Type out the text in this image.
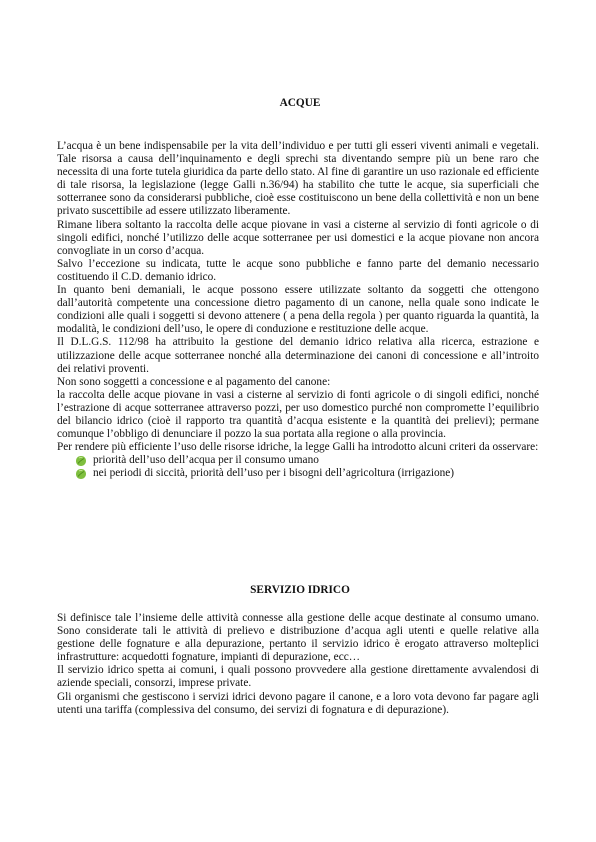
ACQUE

L’acqua è un bene indispensabile per la vita dell’individuo e per tutti gli esseri viventi animali e vegetali. Tale risorsa a causa dell’inquinamento e degli sprechi sta diventando sempre più un bene raro che necessita di una forte tutela giuridica da parte dello stato. Al fine di garantire un uso razionale ed efficiente di tale risorsa, la legislazione (legge Galli n.36/94) ha stabilito che tutte le acque, sia superficiali che sotterranee sono da considerarsi pubbliche, cioè esse costituiscono un bene della collettività e non un bene privato suscettibile ad essere utilizzato liberamente.

Rimane libera soltanto la raccolta delle acque piovane in vasi a cisterne al servizio di fonti agricole o di singoli edifici, nonché l’utilizzo delle acque sotterranee per usi domestici e la acque piovane non ancora convogliate in un corso d’acqua.

Salvo l’eccezione su indicata, tutte le acque sono pubbliche e fanno parte del demanio necessario costituendo il C.D. demanio idrico.

In quanto beni demaniali, le acque possono essere utilizzate soltanto da soggetti che ottengono dall’autorità competente una concessione dietro pagamento di un canone, nella quale sono indicate le condizioni alle quali i soggetti si devono attenere ( a pena della regola ) per quanto riguarda la quantità, la modalità, le condizioni dell’uso, le opere di conduzione e restituzione delle acque.

Il D.L.G.S. 112/98 ha attribuito la gestione del demanio idrico relativa alla ricerca, estrazione e utilizzazione delle acque sotterranee nonché alla determinazione dei canoni di concessione e all’introito dei relativi proventi.

Non sono soggetti a concessione e al pagamento del canone:

la raccolta delle acque piovane in vasi a cisterne al servizio di fonti agricole o di singoli edifici, nonché l’estrazione di acque sotterranee attraverso pozzi, per uso domestico purché non compromette l’equilibrio del bilancio idrico (cioè il rapporto tra quantità d’acqua esistente e la quantità dei prelievi); permane comunque l’obbligo di denunciare il pozzo la sua portata alla regione o alla provincia.

Per rendere più efficiente l’uso delle risorse idriche, la legge Galli ha introdotto alcuni criteri da osservare:

priorità dell’uso dell’acqua per il consumo umano
nei periodi di siccità, priorità dell’uso per i bisogni dell’agricoltura (irrigazione)
SERVIZIO IDRICO

Si definisce tale l’insieme delle attività connesse alla gestione delle acque destinate al consumo umano. Sono considerate tali le attività di prelievo e distribuzione d’acqua agli utenti e quelle relative alla gestione delle fognature e alla depurazione, pertanto il servizio idrico è erogato attraverso molteplici infrastrutture: acquedotti fognature, impianti di depurazione, ecc…

Il servizio idrico spetta ai comuni, i quali possono provvedere alla gestione direttamente avvalendosi di aziende speciali, consorzi, imprese private.

Gli organismi che gestiscono i servizi idrici devono pagare il canone, e a loro vota devono far pagare agli utenti una tariffa (complessiva del consumo, dei servizi di fognatura e di depurazione).
